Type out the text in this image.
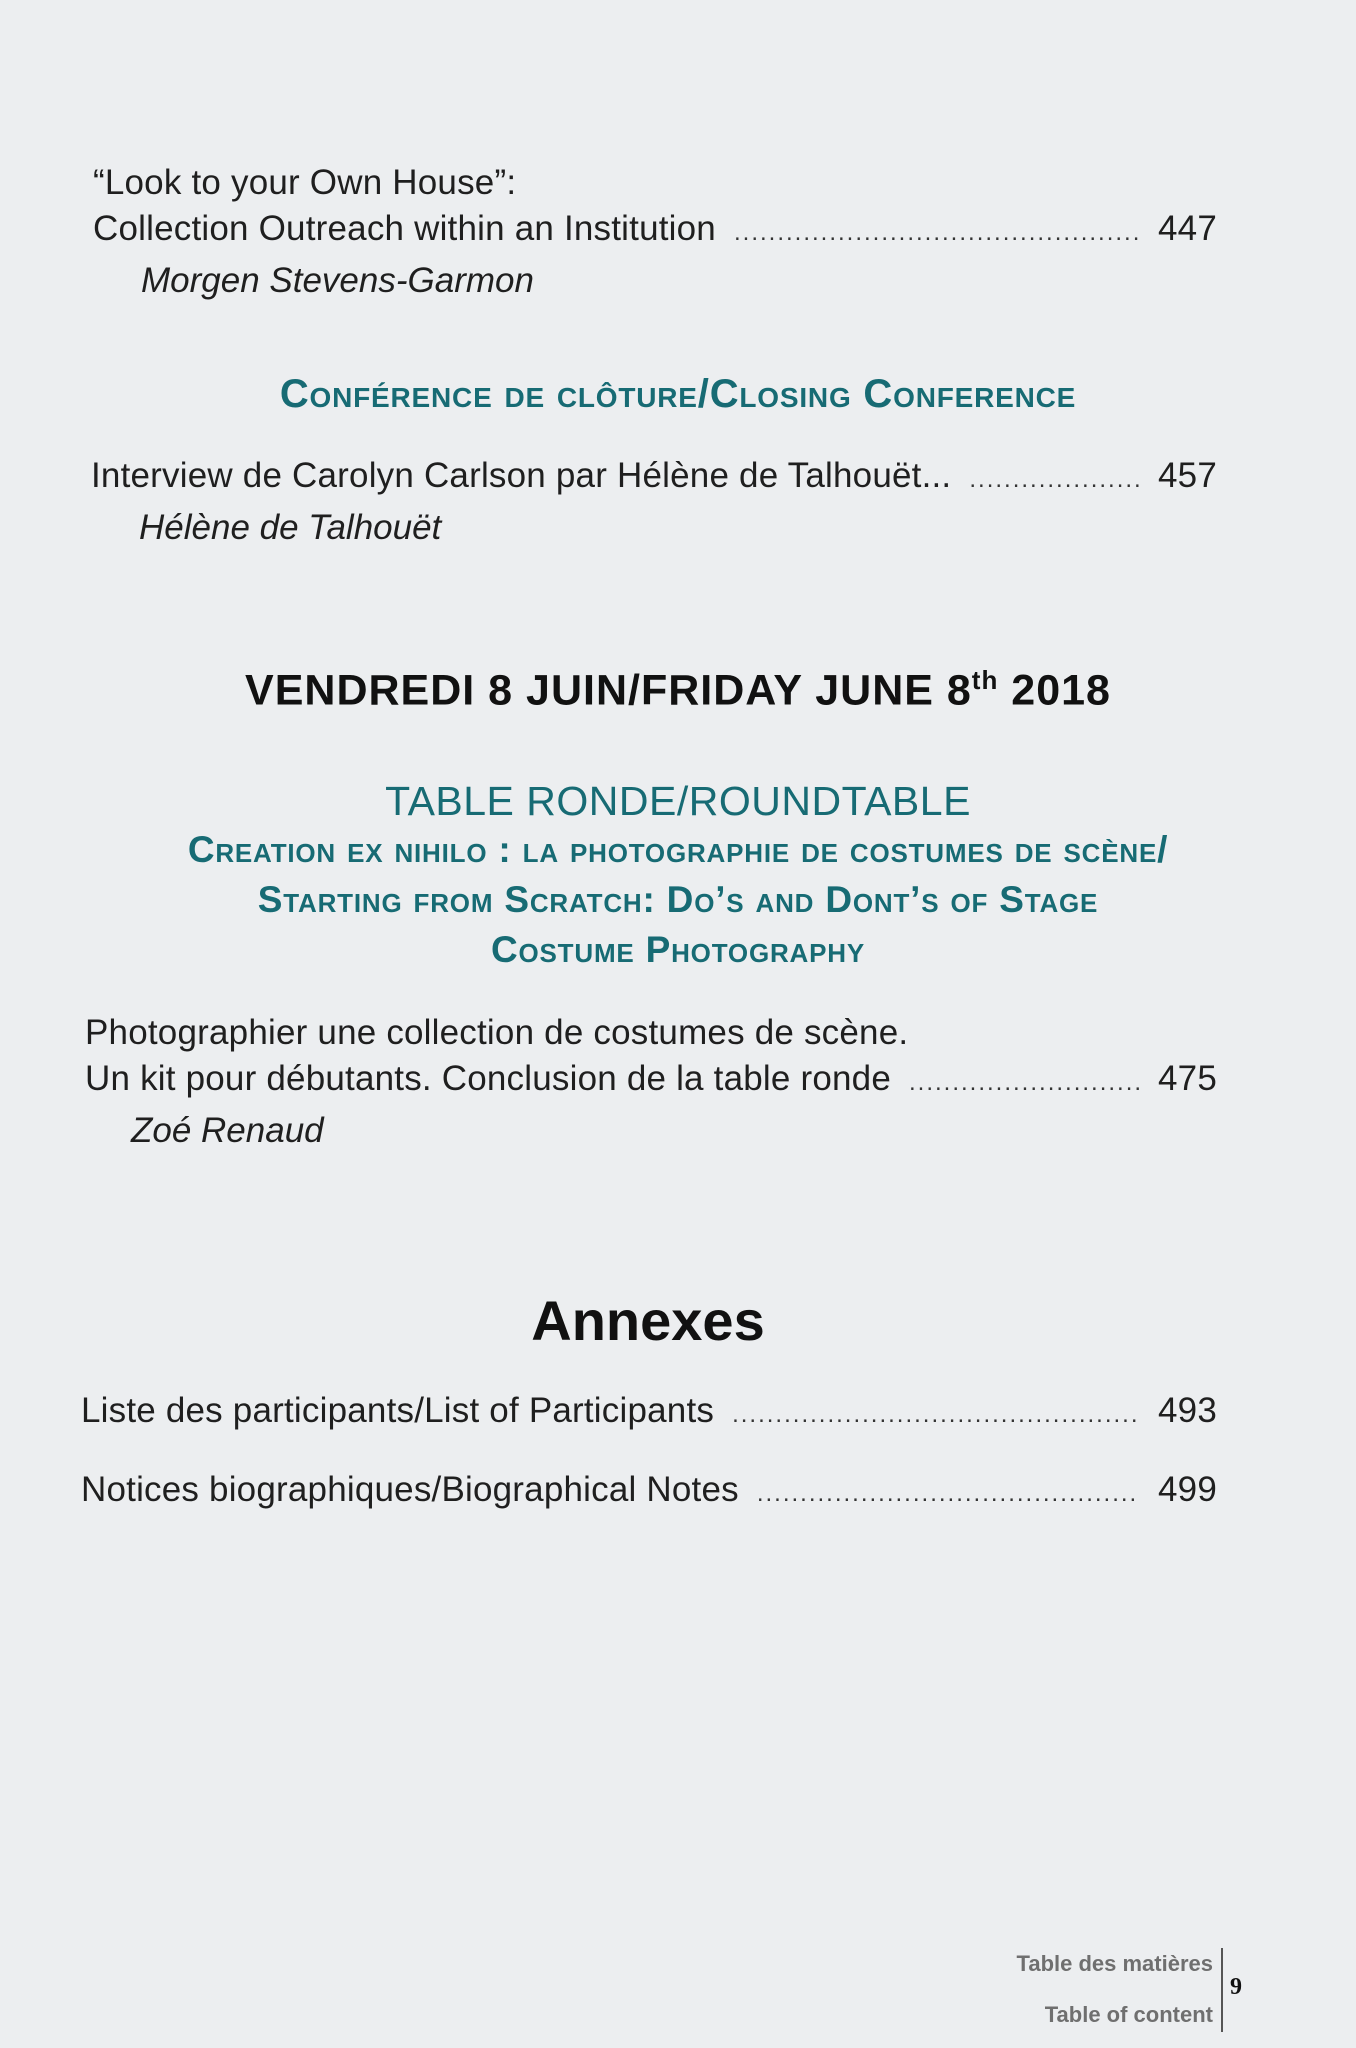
“Look to your Own House”:
Collection Outreach within an Institution .....	447
Morgen Stevens-Garmon
Conférence de clôture/Closing Conference
Interview de Carolyn Carlson par Hélène de Talhouët... .....	457
Hélène de Talhouët
VENDREDI 8 JUIN/FRIDAY JUNE 8th 2018
TABLE RONDE/ROUNDTABLE
Creation ex nihilo : la photographie de costumes de scène/
Starting from Scratch: Do’s and Dont’s of Stage
Costume Photography
Photographier une collection de costumes de scène.
Un kit pour débutants. Conclusion de la table ronde .....	475
Zoé Renaud
Annexes
Liste des participants/List of Participants .....	493
Notices biographiques/Biographical Notes .....	499
Table des matières
Table of content
9
